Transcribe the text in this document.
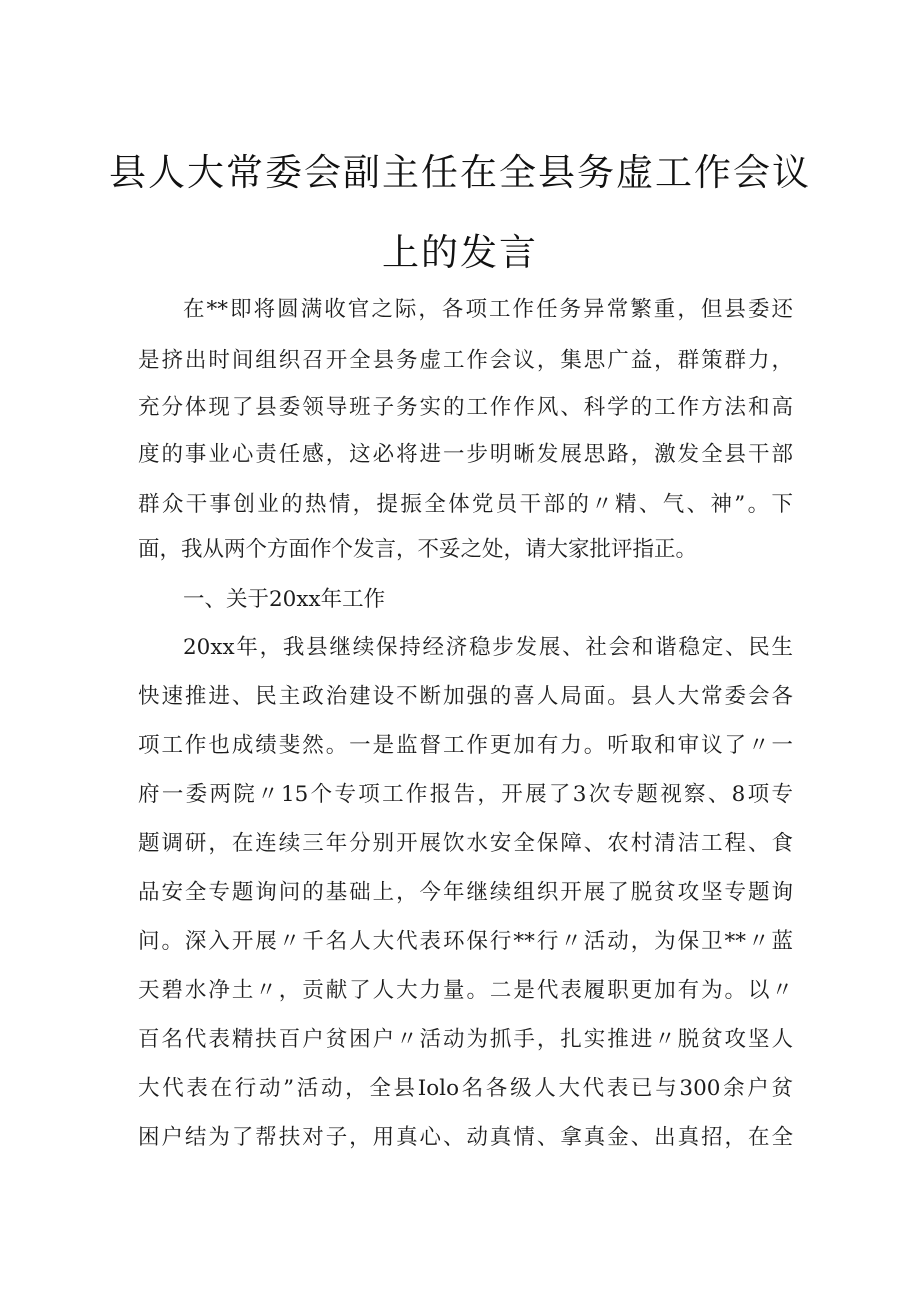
县人大常委会副主任在全县务虚工作会议
上的发言
在**即将圆满收官之际，各项工作任务异常繁重，但县委还
是挤出时间组织召开全县务虚工作会议，集思广益，群策群力，
充分体现了县委领导班子务实的工作作风、科学的工作方法和高
度的事业心责任感，这必将进一步明晰发展思路，激发全县干部
群众干事创业的热情，提振全体党员干部的〃精、气、神”。下
面，我从两个方面作个发言，不妥之处，请大家批评指正。
一、关于20xx年工作
20xx年，我县继续保持经济稳步发展、社会和谐稳定、民生
快速推进、民主政治建设不断加强的喜人局面。县人大常委会各
项工作也成绩斐然。一是监督工作更加有力。听取和审议了〃一
府一委两院〃15个专项工作报告，开展了3次专题视察、8项专
题调研，在连续三年分别开展饮水安全保障、农村清洁工程、食
品安全专题询问的基础上，今年继续组织开展了脱贫攻坚专题询
问。深入开展〃千名人大代表环保行**行〃活动，为保卫**〃蓝
天碧水净土〃，贡献了人大力量。二是代表履职更加有为。以〃
百名代表精扶百户贫困户〃活动为抓手，扎实推进〃脱贫攻坚人
大代表在行动”活动，全县Iolo名各级人大代表已与300余户贫
困户结为了帮扶对子，用真心、动真情、拿真金、出真招，在全
